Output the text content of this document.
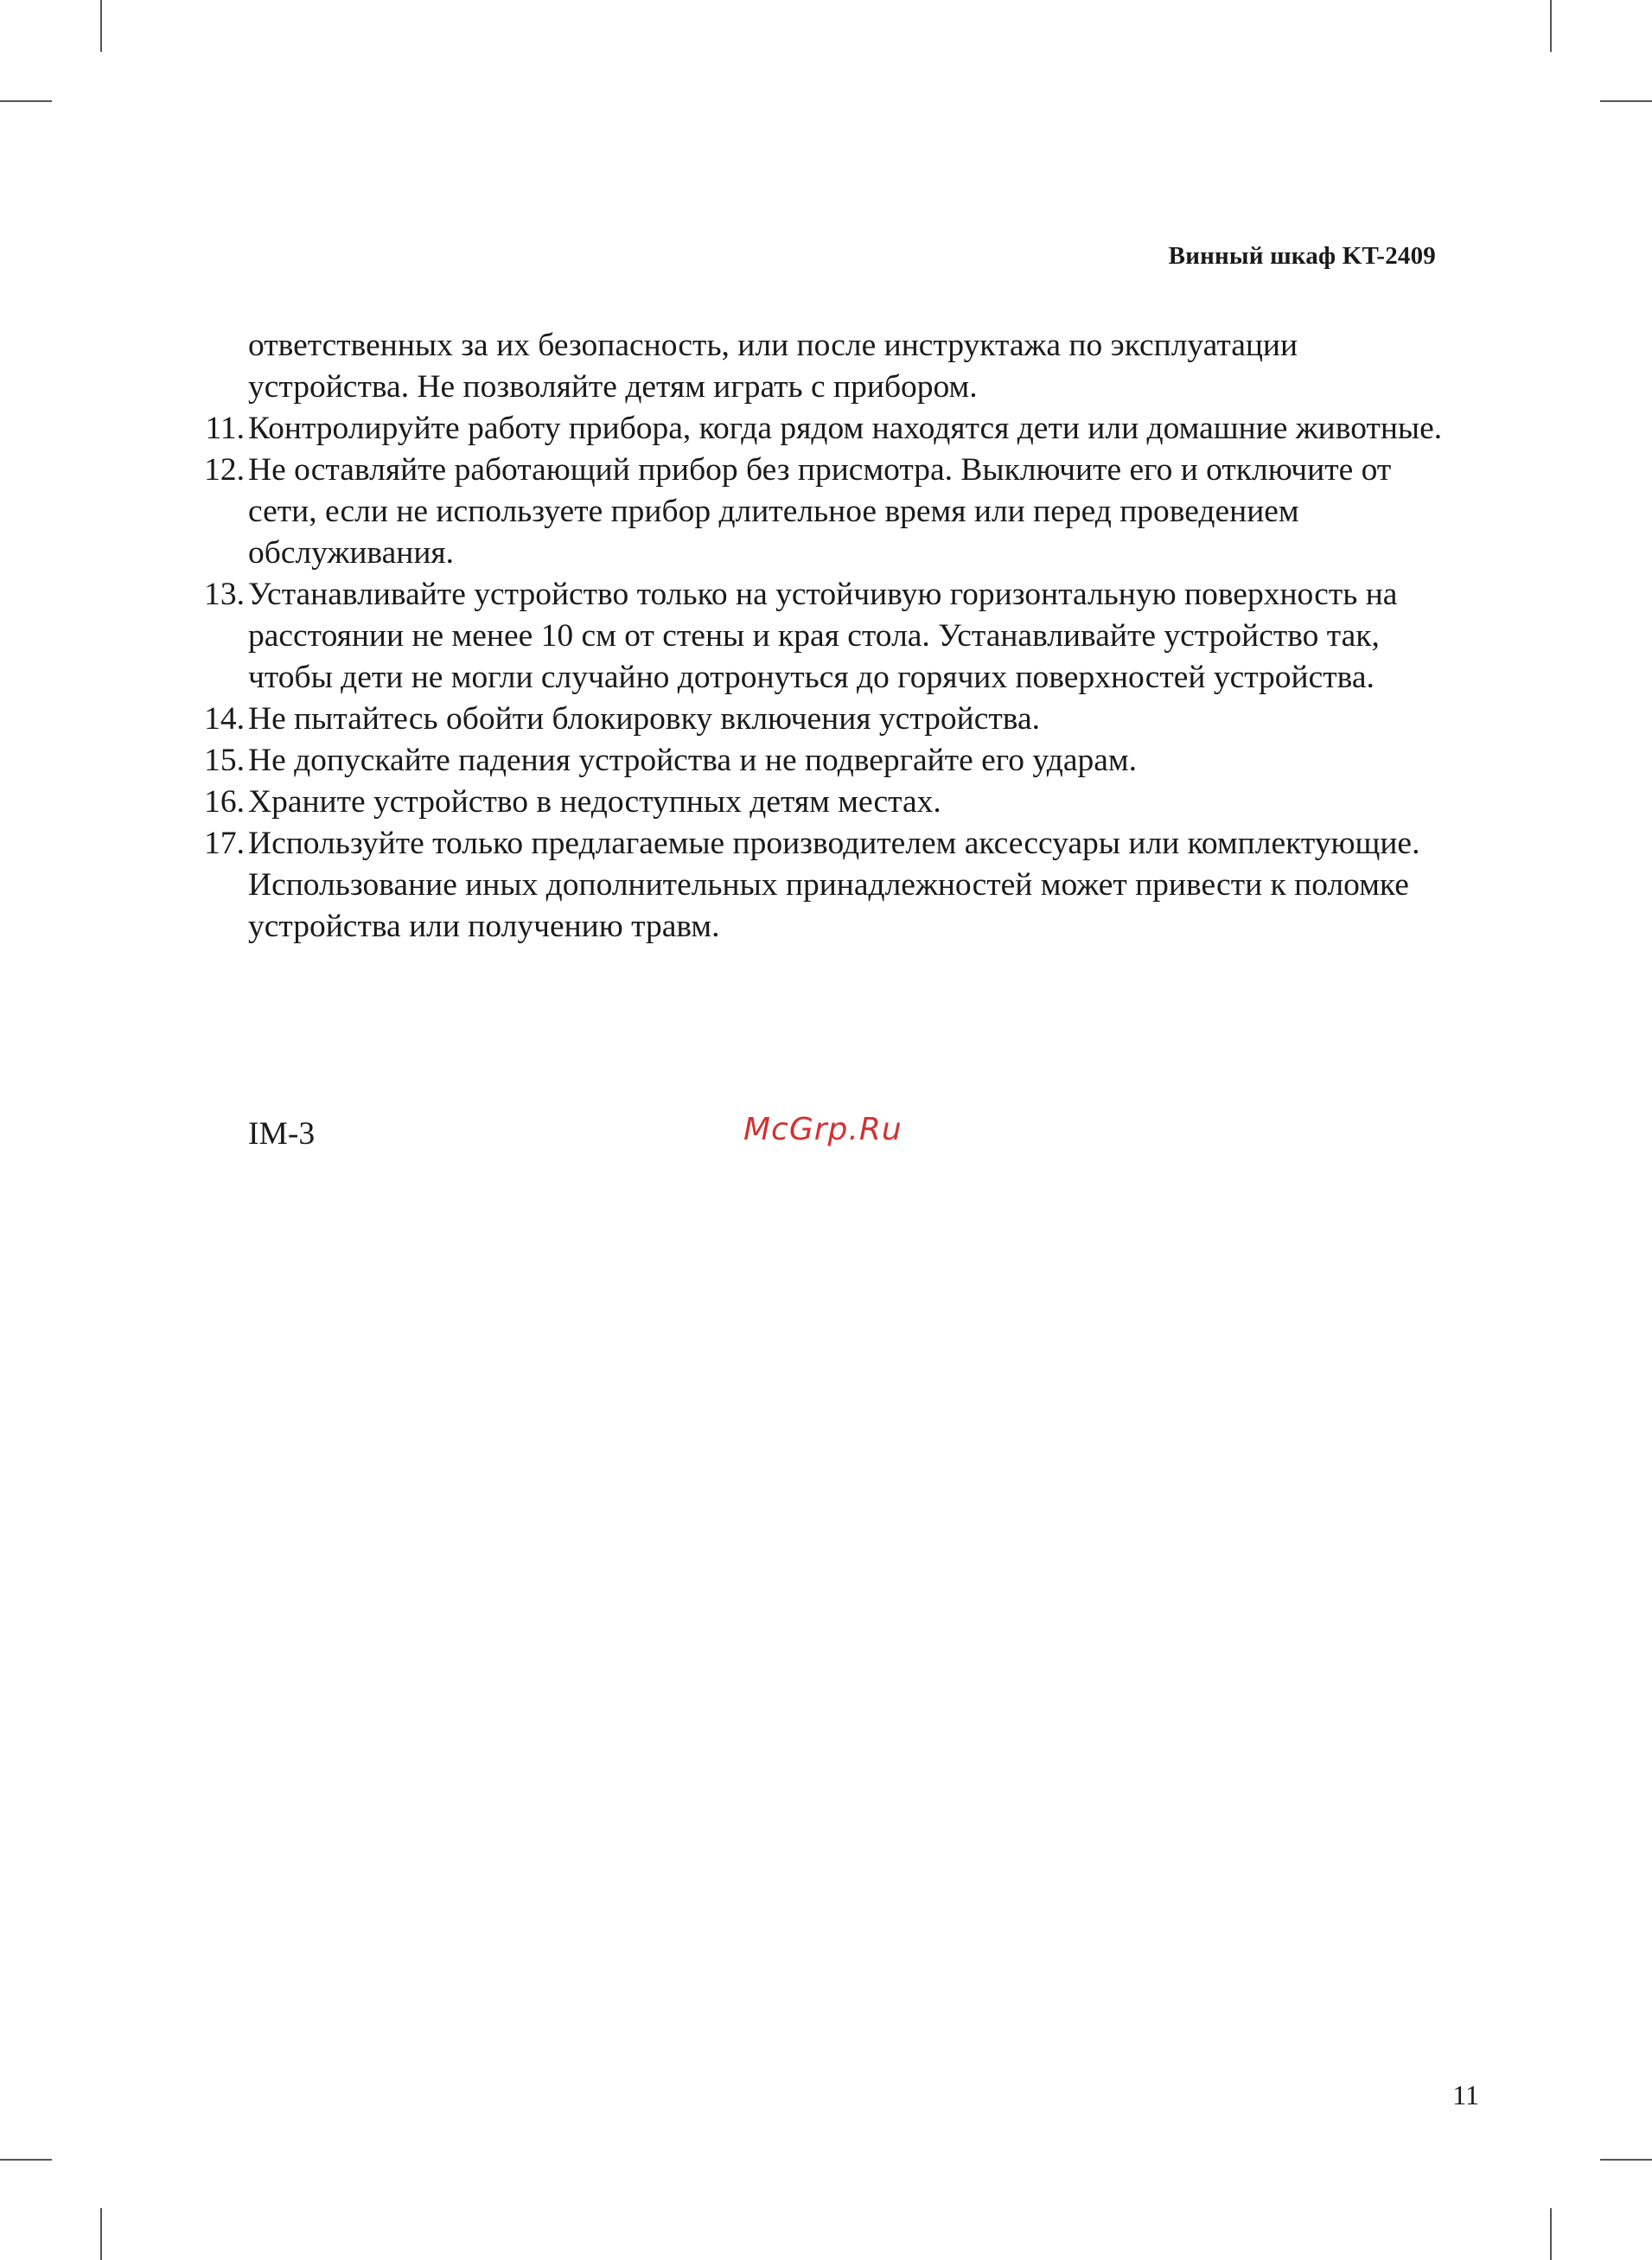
Винный шкаф KT-2409
ответственных за их безопасность, или после инструктажа по эксплуатации устройства. Не позволяйте детям играть с прибором.
11. Контролируйте работу прибора, когда рядом находятся дети или домашние животные.
12. Не оставляйте работающий прибор без присмотра. Выключите его и отключите от сети, если не используете прибор длительное время или перед проведением обслуживания.
13. Устанавливайте устройство только на устойчивую горизонтальную поверхность на расстоянии не менее 10 см от стены и края стола. Устанавливайте устройство так, чтобы дети не могли случайно дотронуться до горячих поверхностей устройства.
14. Не пытайтесь обойти блокировку включения устройства.
15. Не допускайте падения устройства и не подвергайте его ударам.
16. Храните устройство в недоступных детям местах.
17. Используйте только предлагаемые производителем аксессуары или комплектующие. Использование иных дополнительных принадлежностей может привести к поломке устройства или получению травм.
IM-3	McGrp.Ru
11
